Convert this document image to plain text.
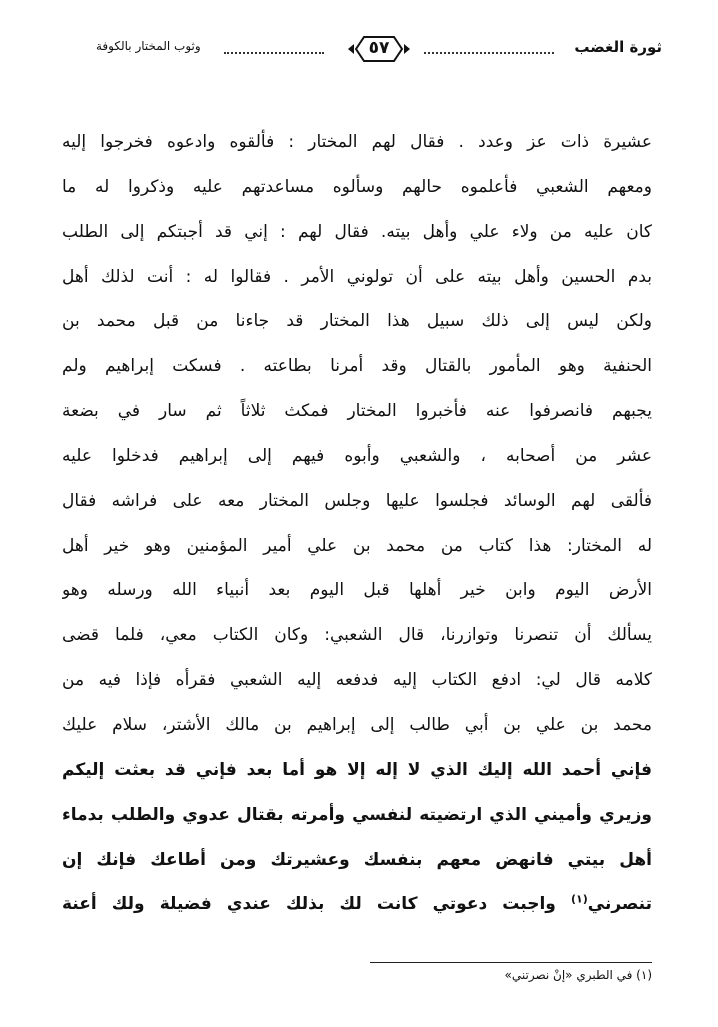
ثورة الغضب
٥٧
وثوب المختار بالكوفة
عشيرة ذات عز وعدد . فقال لهم المختار : فألقوه وادعوه فخرجوا إليه
ومعهم الشعبي فأعلموه حالهم وسألوه مساعدتهم عليه وذكروا له ما
كان عليه من ولاء علي وأهل بيته. فقال لهم : إني قد أجبتكم إلى الطلب
بدم الحسين وأهل بيته على أن تولوني الأمر . فقالوا له : أنت لذلك أهل
ولكن ليس إلى ذلك سبيل هذا المختار قد جاءنا من قبل محمد بن
الحنفية وهو المأمور بالقتال وقد أمرنا بطاعته . فسكت إبراهيم ولم
يجبهم فانصرفوا عنه فأخبروا المختار فمكث ثلاثاً ثم سار في بضعة
عشر من أصحابه ، والشعبي وأبوه فيهم إلى إبراهيم فدخلوا عليه
فألقى لهم الوسائد فجلسوا عليها وجلس المختار معه على فراشه فقال
له المختار: هذا كتاب من محمد بن علي أمير المؤمنين وهو خير أهل
الأرض اليوم وابن خير أهلها قبل اليوم بعد أنبياء الله ورسله وهو
يسألك أن تنصرنا وتوازرنا، قال الشعبي: وكان الكتاب معي، فلما قضى
كلامه قال لي: ادفع الكتاب إليه فدفعه إليه الشعبي فقرأه فإذا فيه من
محمد بن علي بن أبي طالب إلى إبراهيم بن مالك الأشتر، سلام عليك
فإني أحمد الله إليك الذي لا إله إلا هو أما بعد فإني قد بعثت إليكم
وزيري وأميني الذي ارتضيته لنفسي وأمرته بقتال عدوي والطلب بدماء
أهل بيتي فانهض معهم بنفسك وعشيرتك ومن أطاعك فإنك إن
تنصرني$^{(١)}$ واجبت دعوتي كانت لك بذلك عندي فضيلة ولك أعنة
(١) في الطبري «إنْ نصرتني»
